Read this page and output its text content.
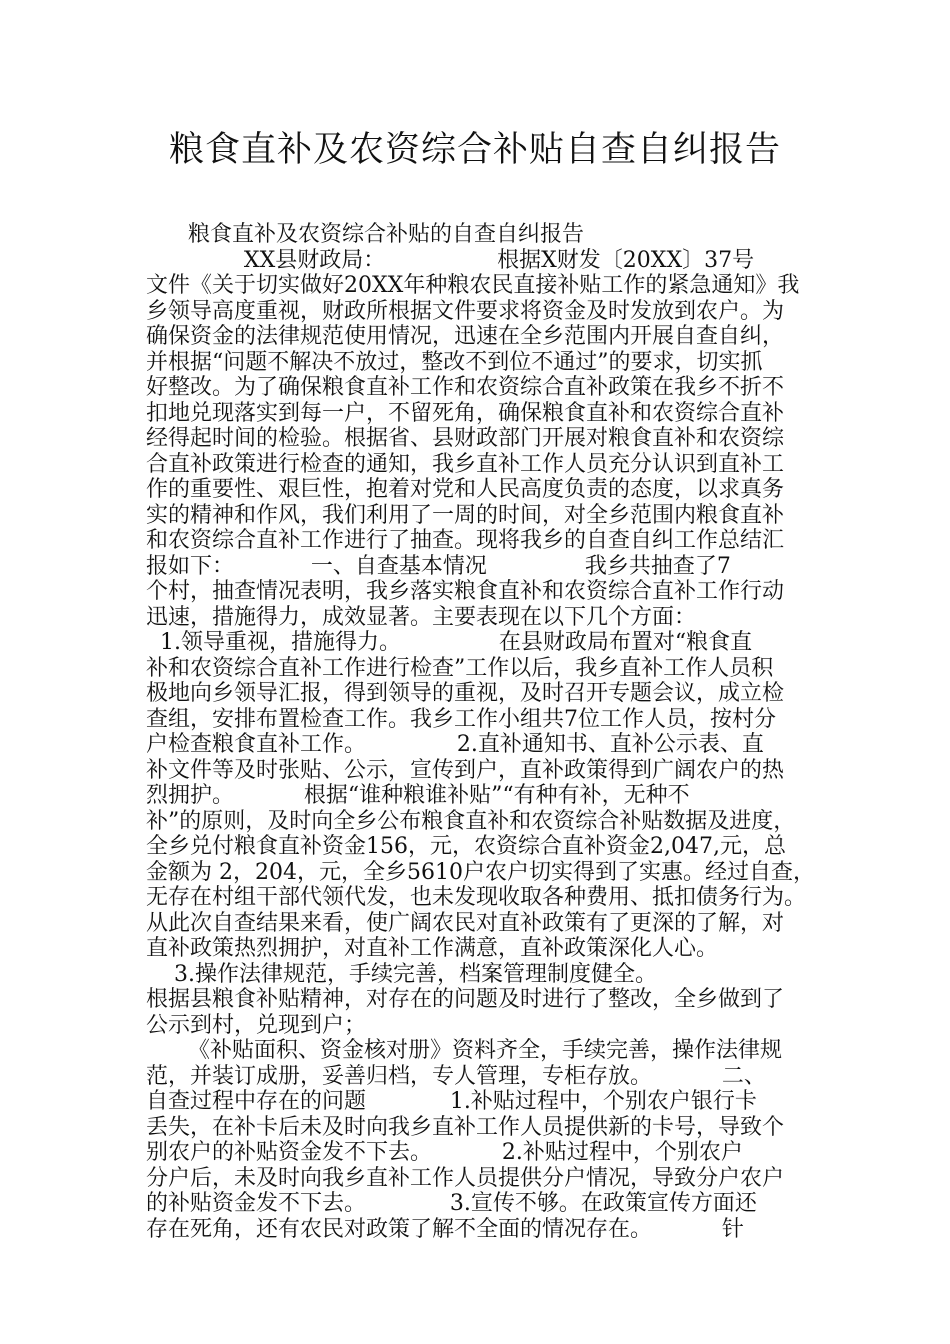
粮食直补及农资综合补贴自查自纠报告
粮食直补及农资综合补贴的自查自纠报告
XX县财政局：                根据X财发〔20XX〕37号
文件《关于切实做好20XX年种粮农民直接补贴工作的紧急通知》我
乡领导高度重视，财政所根据文件要求将资金及时发放到农户。为
确保资金的法律规范使用情况，迅速在全乡范围内开展自查自纠，
并根据“问题不解决不放过，整改不到位不通过”的要求，切实抓
好整改。为了确保粮食直补工作和农资综合直补政策在我乡不折不
扣地兑现落实到每一户，不留死角，确保粮食直补和农资综合直补
经得起时间的检验。根据省、县财政部门开展对粮食直补和农资综
合直补政策进行检查的通知，我乡直补工作人员充分认识到直补工
作的重要性、艰巨性，抱着对党和人民高度负责的态度，以求真务
实的精神和作风，我们利用了一周的时间，对全乡范围内粮食直补
和农资综合直补工作进行了抽查。现将我乡的自查自纠工作总结汇
报如下：           一、自查基本情况              我乡共抽查了7
个村，抽查情况表明，我乡落实粮食直补和农资综合直补工作行动
迅速，措施得力，成效显著。主要表现在以下几个方面：
1.领导重视，措施得力。              在县财政局布置对“粮食直
补和农资综合直补工作进行检查”工作以后，我乡直补工作人员积
极地向乡领导汇报，得到领导的重视，及时召开专题会议，成立检
查组，安排布置检查工作。我乡工作小组共7位工作人员，按村分
户检查粮食直补工作。             2.直补通知书、直补公示表、直
补文件等及时张贴、公示，宣传到户，直补政策得到广阔农户的热
烈拥护。          根据“谁种粮谁补贴”“有种有补，无种不
补”的原则，及时向全乡公布粮食直补和农资综合补贴数据及进度，
全乡兑付粮食直补资金156，元，农资综合直补资金2,047,元，总
金额为 2，204，元，全乡5610户农户切实得到了实惠。经过自查，
无存在村组干部代领代发，也未发现收取各种费用、抵扣债务行为。
从此次自查结果来看，使广阔农民对直补政策有了更深的了解，对
直补政策热烈拥护，对直补工作满意，直补政策深化人心。
3.操作法律规范，手续完善，档案管理制度健全。
根据县粮食补贴精神，对存在的问题及时进行了整改，全乡做到了
公示到村，兑现到户；
《补贴面积、资金核对册》资料齐全，手续完善，操作法律规
范，并装订成册，妥善归档，专人管理，专柜存放。          二、
自查过程中存在的问题            1.补贴过程中，个别农户银行卡
丢失，在补卡后未及时向我乡直补工作人员提供新的卡号，导致个
别农户的补贴资金发不下去。          2.补贴过程中，个别农户
分户后，未及时向我乡直补工作人员提供分户情况，导致分户农户
的补贴资金发不下去。            3.宣传不够。在政策宣传方面还
存在死角，还有农民对政策了解不全面的情况存在。          针
